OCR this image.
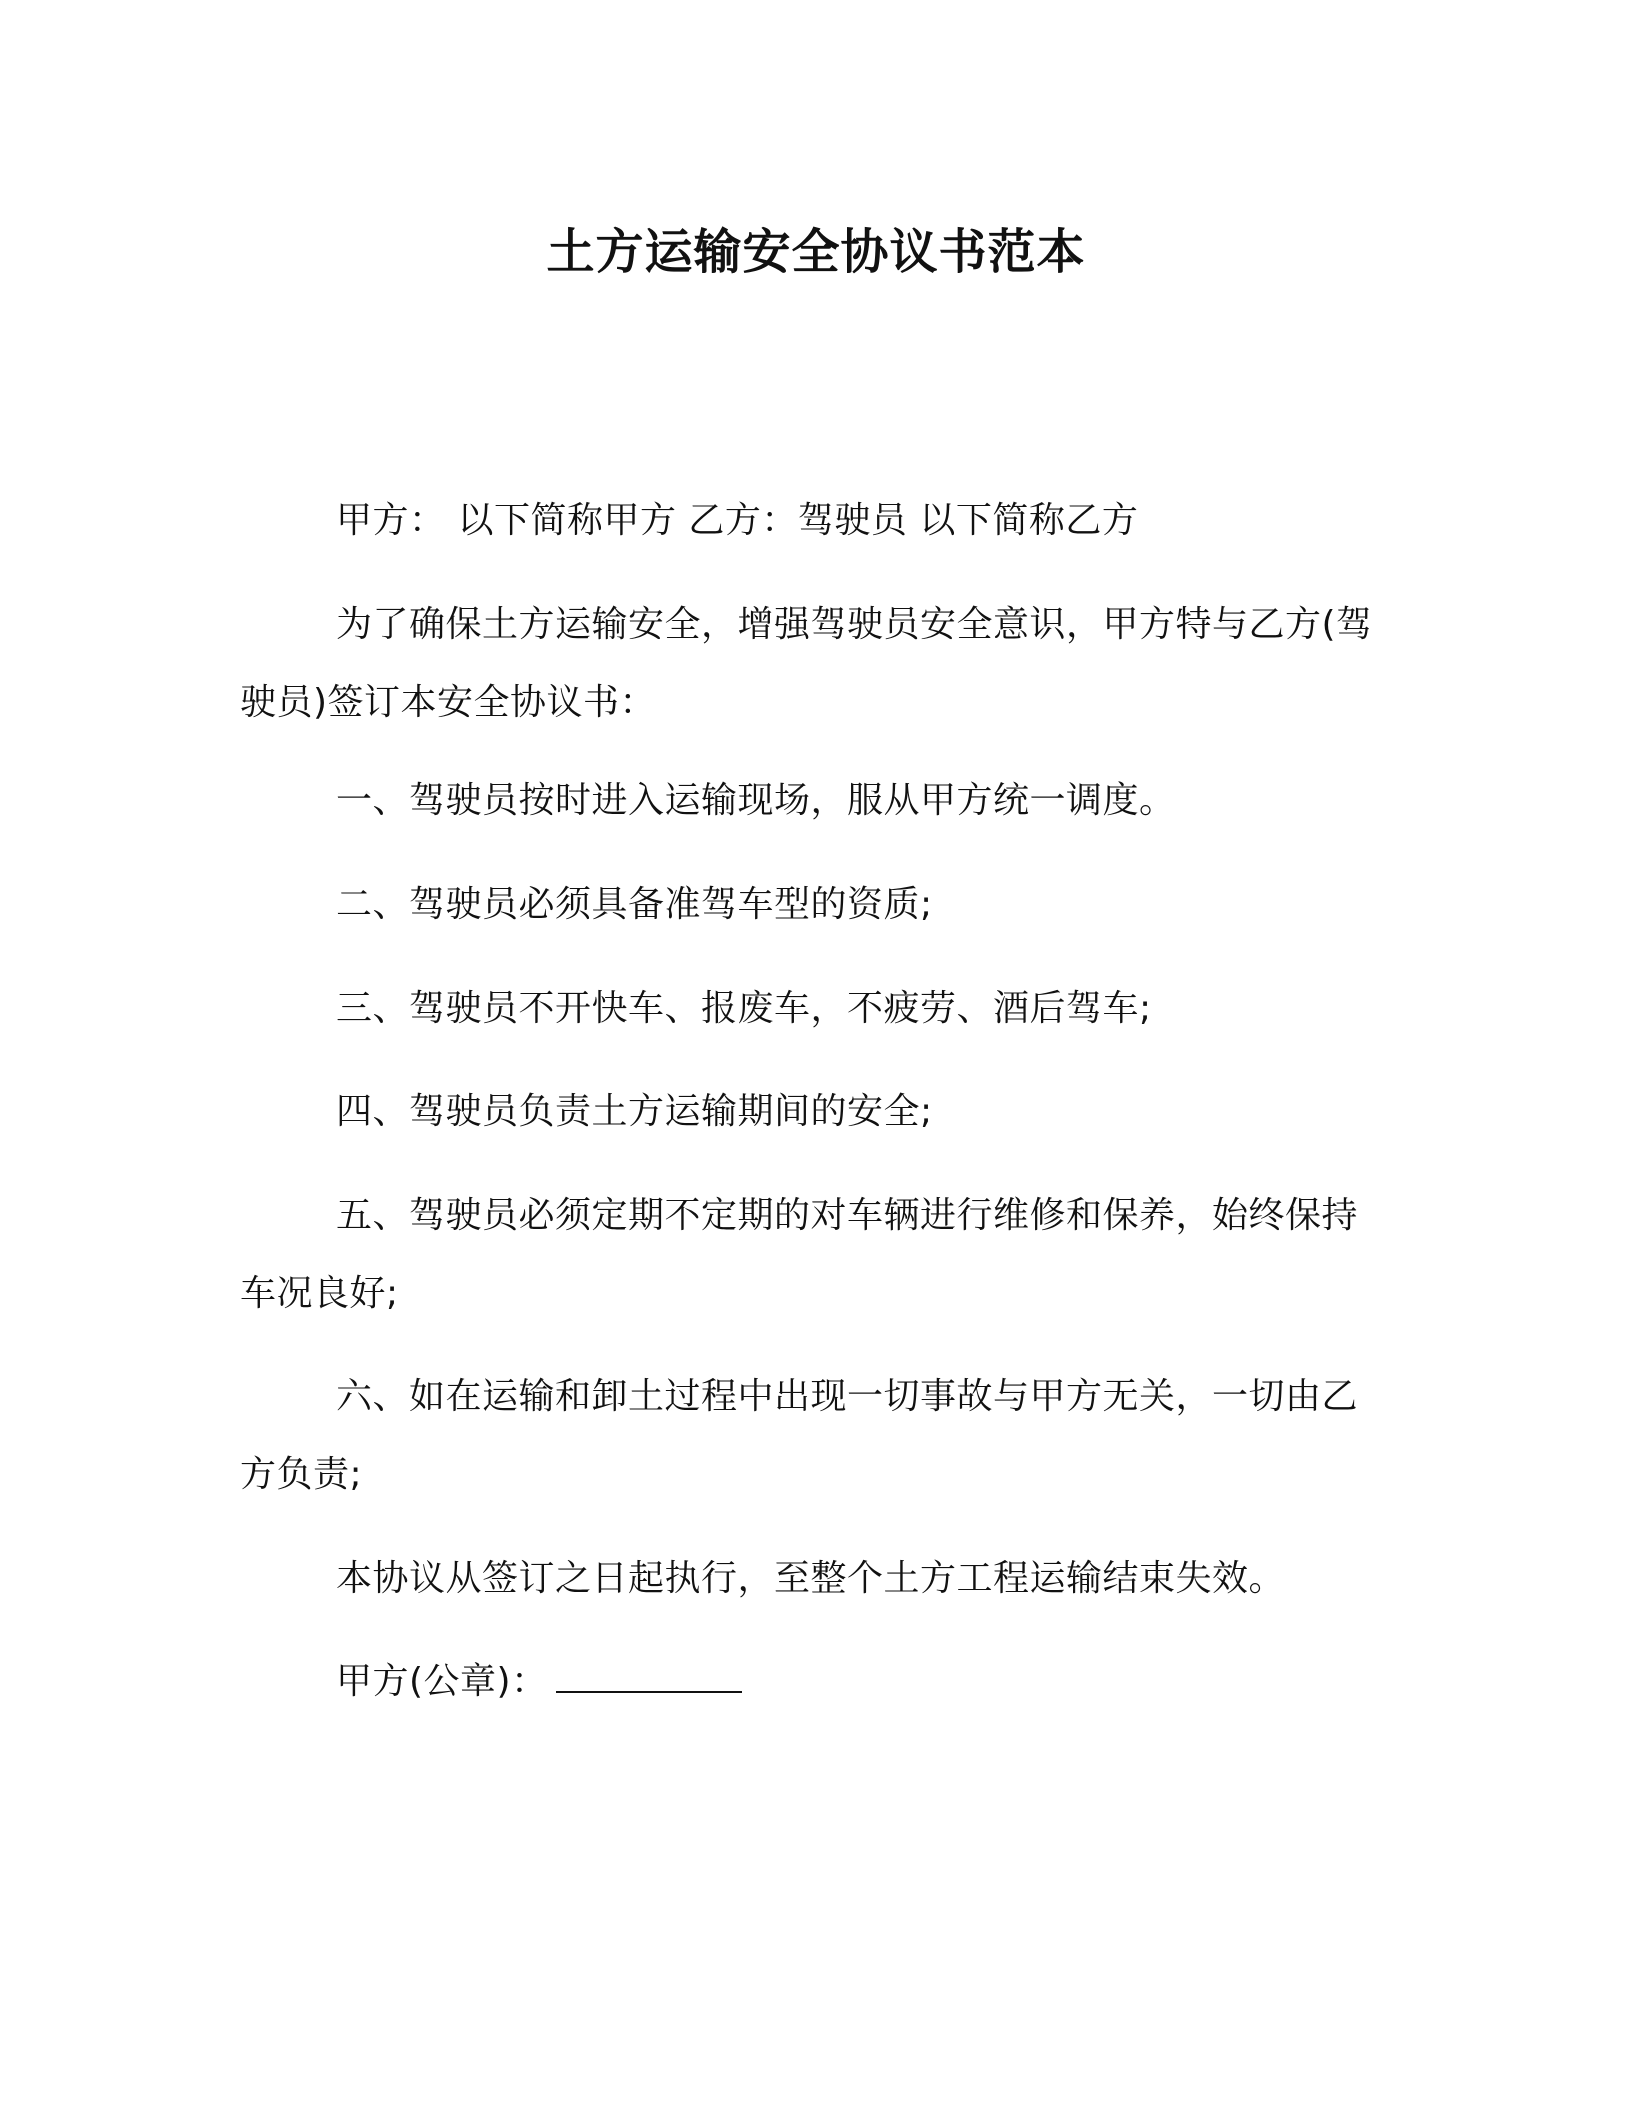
土方运输安全协议书范本
甲方： 以下简称甲方 乙方：驾驶员 以下简称乙方
为了确保土方运输安全，增强驾驶员安全意识，甲方特与乙方(驾驶员)签订本安全协议书：
一、驾驶员按时进入运输现场，服从甲方统一调度。
二、驾驶员必须具备准驾车型的资质;
三、驾驶员不开快车、报废车，不疲劳、酒后驾车;
四、驾驶员负责土方运输期间的安全;
五、驾驶员必须定期不定期的对车辆进行维修和保养，始终保持车况良好;
六、如在运输和卸土过程中出现一切事故与甲方无关，一切由乙方负责;
本协议从签订之日起执行，至整个土方工程运输结束失效。
甲方(公章)：
